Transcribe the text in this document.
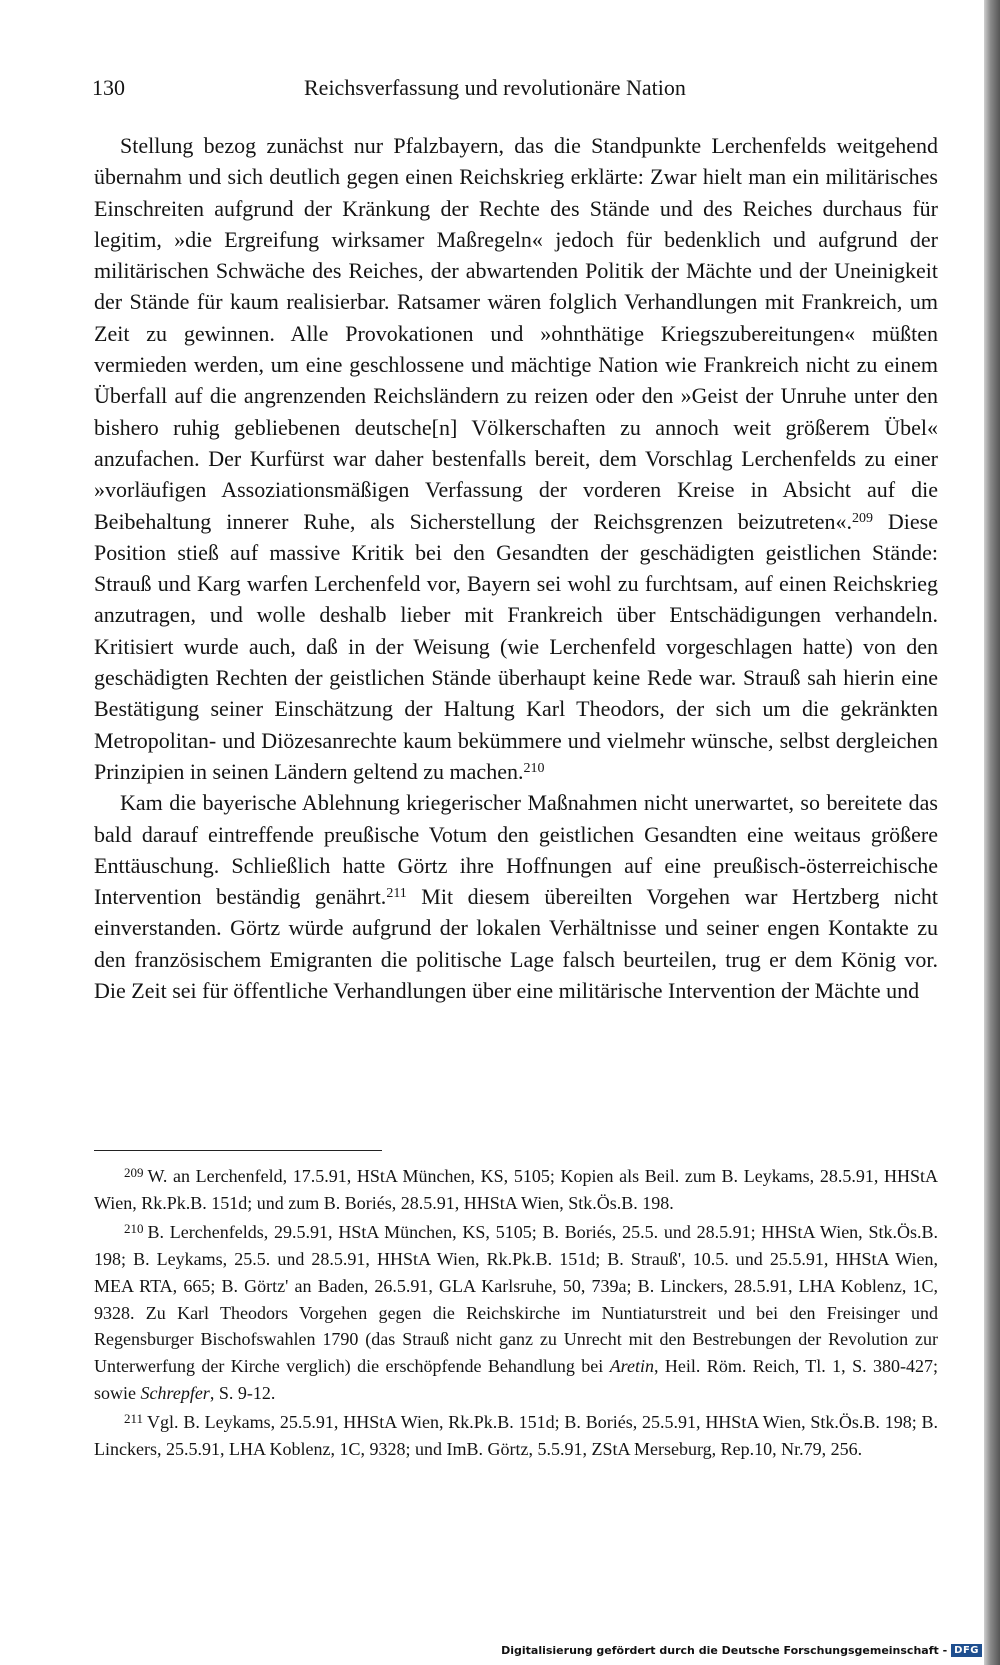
130	Reichsverfassung und revolutionäre Nation

Stellung bezog zunächst nur Pfalzbayern, das die Standpunkte Lerchenfelds weitgehend übernahm und sich deutlich gegen einen Reichskrieg erklärte: Zwar hielt man ein militärisches Einschreiten aufgrund der Kränkung der Rechte des Stände und des Reiches durchaus für legitim, »die Ergreifung wirksamer Maßregeln« jedoch für bedenklich und aufgrund der militärischen Schwäche des Reiches, der abwartenden Politik der Mächte und der Uneinigkeit der Stände für kaum realisierbar. Ratsamer wären folglich Verhandlungen mit Frankreich, um Zeit zu gewinnen. Alle Provokationen und »ohnthätige Kriegszubereitungen« müßten vermieden werden, um eine geschlossene und mächtige Nation wie Frankreich nicht zu einem Überfall auf die angrenzenden Reichsländern zu reizen oder den »Geist der Unruhe unter den bishero ruhig gebliebenen deutsche[n] Völkerschaften zu annoch weit größerem Übel« anzufachen. Der Kurfürst war daher bestenfalls bereit, dem Vorschlag Lerchenfelds zu einer »vorläufigen Assoziationsmäßigen Verfassung der vorderen Kreise in Absicht auf die Beibehaltung innerer Ruhe, als Sicherstellung der Reichsgrenzen beizutreten«.$^{209}$ Diese Position stieß auf massive Kritik bei den Gesandten der geschädigten geistlichen Stände: Strauß und Karg warfen Lerchenfeld vor, Bayern sei wohl zu furchtsam, auf einen Reichskrieg anzutragen, und wolle deshalb lieber mit Frankreich über Entschädigungen verhandeln. Kritisiert wurde auch, daß in der Weisung (wie Lerchenfeld vorgeschlagen hatte) von den geschädigten Rechten der geistlichen Stände überhaupt keine Rede war. Strauß sah hierin eine Bestätigung seiner Einschätzung der Haltung Karl Theodors, der sich um die gekränkten Metropolitan- und Diözesanrechte kaum bekümmere und vielmehr wünsche, selbst dergleichen Prinzipien in seinen Ländern geltend zu machen.$^{210}$

Kam die bayerische Ablehnung kriegerischer Maßnahmen nicht unerwartet, so bereitete das bald darauf eintreffende preußische Votum den geistlichen Gesandten eine weitaus größere Enttäuschung. Schließlich hatte Görtz ihre Hoffnungen auf eine preußisch-österreichische Intervention beständig genährt.$^{211}$ Mit diesem übereilten Vorgehen war Hertzberg nicht einverstanden. Görtz würde aufgrund der lokalen Verhältnisse und seiner engen Kontakte zu den französischem Emigranten die politische Lage falsch beurteilen, trug er dem König vor. Die Zeit sei für öffentliche Verhandlungen über eine militärische Intervention der Mächte und

$^{209}$ W. an Lerchenfeld, 17.5.91, HStA München, KS, 5105; Kopien als Beil. zum B. Leykams, 28.5.91, HHStA Wien, Rk.Pk.B. 151d; und zum B. Boriés, 28.5.91, HHStA Wien, Stk.Ös.B. 198.

$^{210}$ B. Lerchenfelds, 29.5.91, HStA München, KS, 5105; B. Boriés, 25.5. und 28.5.91; HHStA Wien, Stk.Ös.B. 198; B. Leykams, 25.5. und 28.5.91, HHStA Wien, Rk.Pk.B. 151d; B. Strauß', 10.5. und 25.5.91, HHStA Wien, MEA RTA, 665; B. Görtz' an Baden, 26.5.91, GLA Karlsruhe, 50, 739a; B. Linckers, 28.5.91, LHA Koblenz, 1C, 9328. Zu Karl Theodors Vorgehen gegen die Reichskirche im Nuntiaturstreit und bei den Freisinger und Regensburger Bischofswahlen 1790 (das Strauß nicht ganz zu Unrecht mit den Bestrebungen der Revolution zur Unterwerfung der Kirche verglich) die erschöpfende Behandlung bei Aretin, Heil. Röm. Reich, Tl. 1, S. 380-427; sowie Schrepfer, S. 9-12.

$^{211}$ Vgl. B. Leykams, 25.5.91, HHStA Wien, Rk.Pk.B. 151d; B. Boriés, 25.5.91, HHStA Wien, Stk.Ös.B. 198; B. Linckers, 25.5.91, LHA Koblenz, 1C, 9328; und ImB. Görtz, 5.5.91, ZStA Merseburg, Rep.10, Nr.79, 256.

Digitalisierung gefördert durch die Deutsche Forschungsgemeinschaft - DFG
